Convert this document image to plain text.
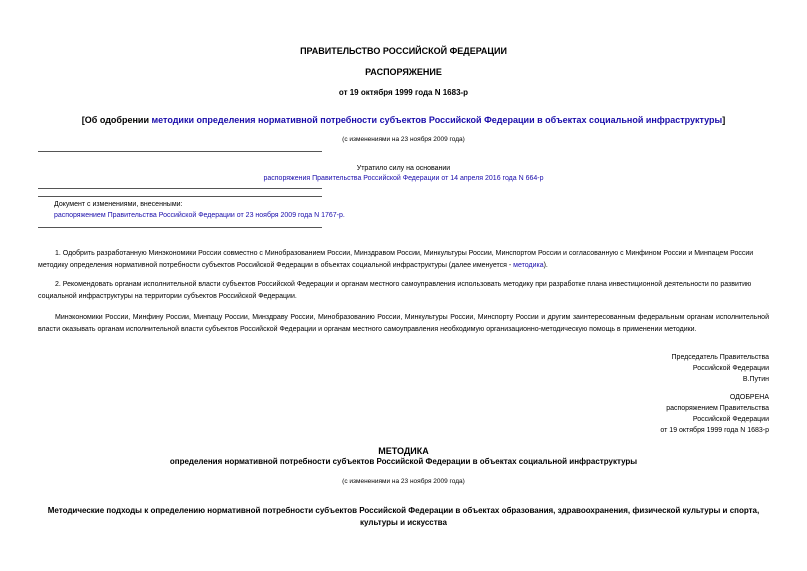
ПРАВИТЕЛЬСТВО РОССИЙСКОЙ ФЕДЕРАЦИИ
РАСПОРЯЖЕНИЕ
от 19 октября 1999 года N 1683-р
[Об одобрении методики определения нормативной потребности субъектов Российской Федерации в объектах социальной инфраструктуры]
(с изменениями на 23 ноября 2009 года)
Утратило силу на основании
распоряжения Правительства Российской Федерации от 14 апреля 2016 года N 664-р
Документ с изменениями, внесенными:
распоряжением Правительства Российской Федерации от 23 ноября 2009 года N 1767-р.
1. Одобрить разработанную Минэкономики России совместно с Минобразованием России, Минздравом России, Минкультуры России, Минспортом России и согласованную с Минфином России и Минпацем России методику определения нормативной потребности субъектов Российской Федерации в объектах социальной инфраструктуры (далее именуется - методика).
2. Рекомендовать органам исполнительной власти субъектов Российской Федерации и органам местного самоуправления использовать методику при разработке плана инвестиционной деятельности по развитию социальной инфраструктуры на территории субъектов Российской Федерации.
Минэкономики России, Минфину России, Минпацу России, Минздраву России, Минобразованию России, Минкультуры России, Минспорту России и другим заинтересованным федеральным органам исполнительной власти оказывать органам исполнительной власти субъектов Российской Федерации и органам местного самоуправления необходимую организационно-методическую помощь в применении методики.
Председатель Правительства
Российской Федерации
В.Путин
ОДОБРЕНА
распоряжением Правительства
Российской Федерации
от 19 октября 1999 года N 1683-р
МЕТОДИКА
определения нормативной потребности субъектов Российской Федерации в объектах социальной инфраструктуры
(с изменениями на 23 ноября 2009 года)
Методические подходы к определению нормативной потребности субъектов Российской Федерации в объектах образования, здравоохранения, физической культуры и спорта, культуры и искусства
